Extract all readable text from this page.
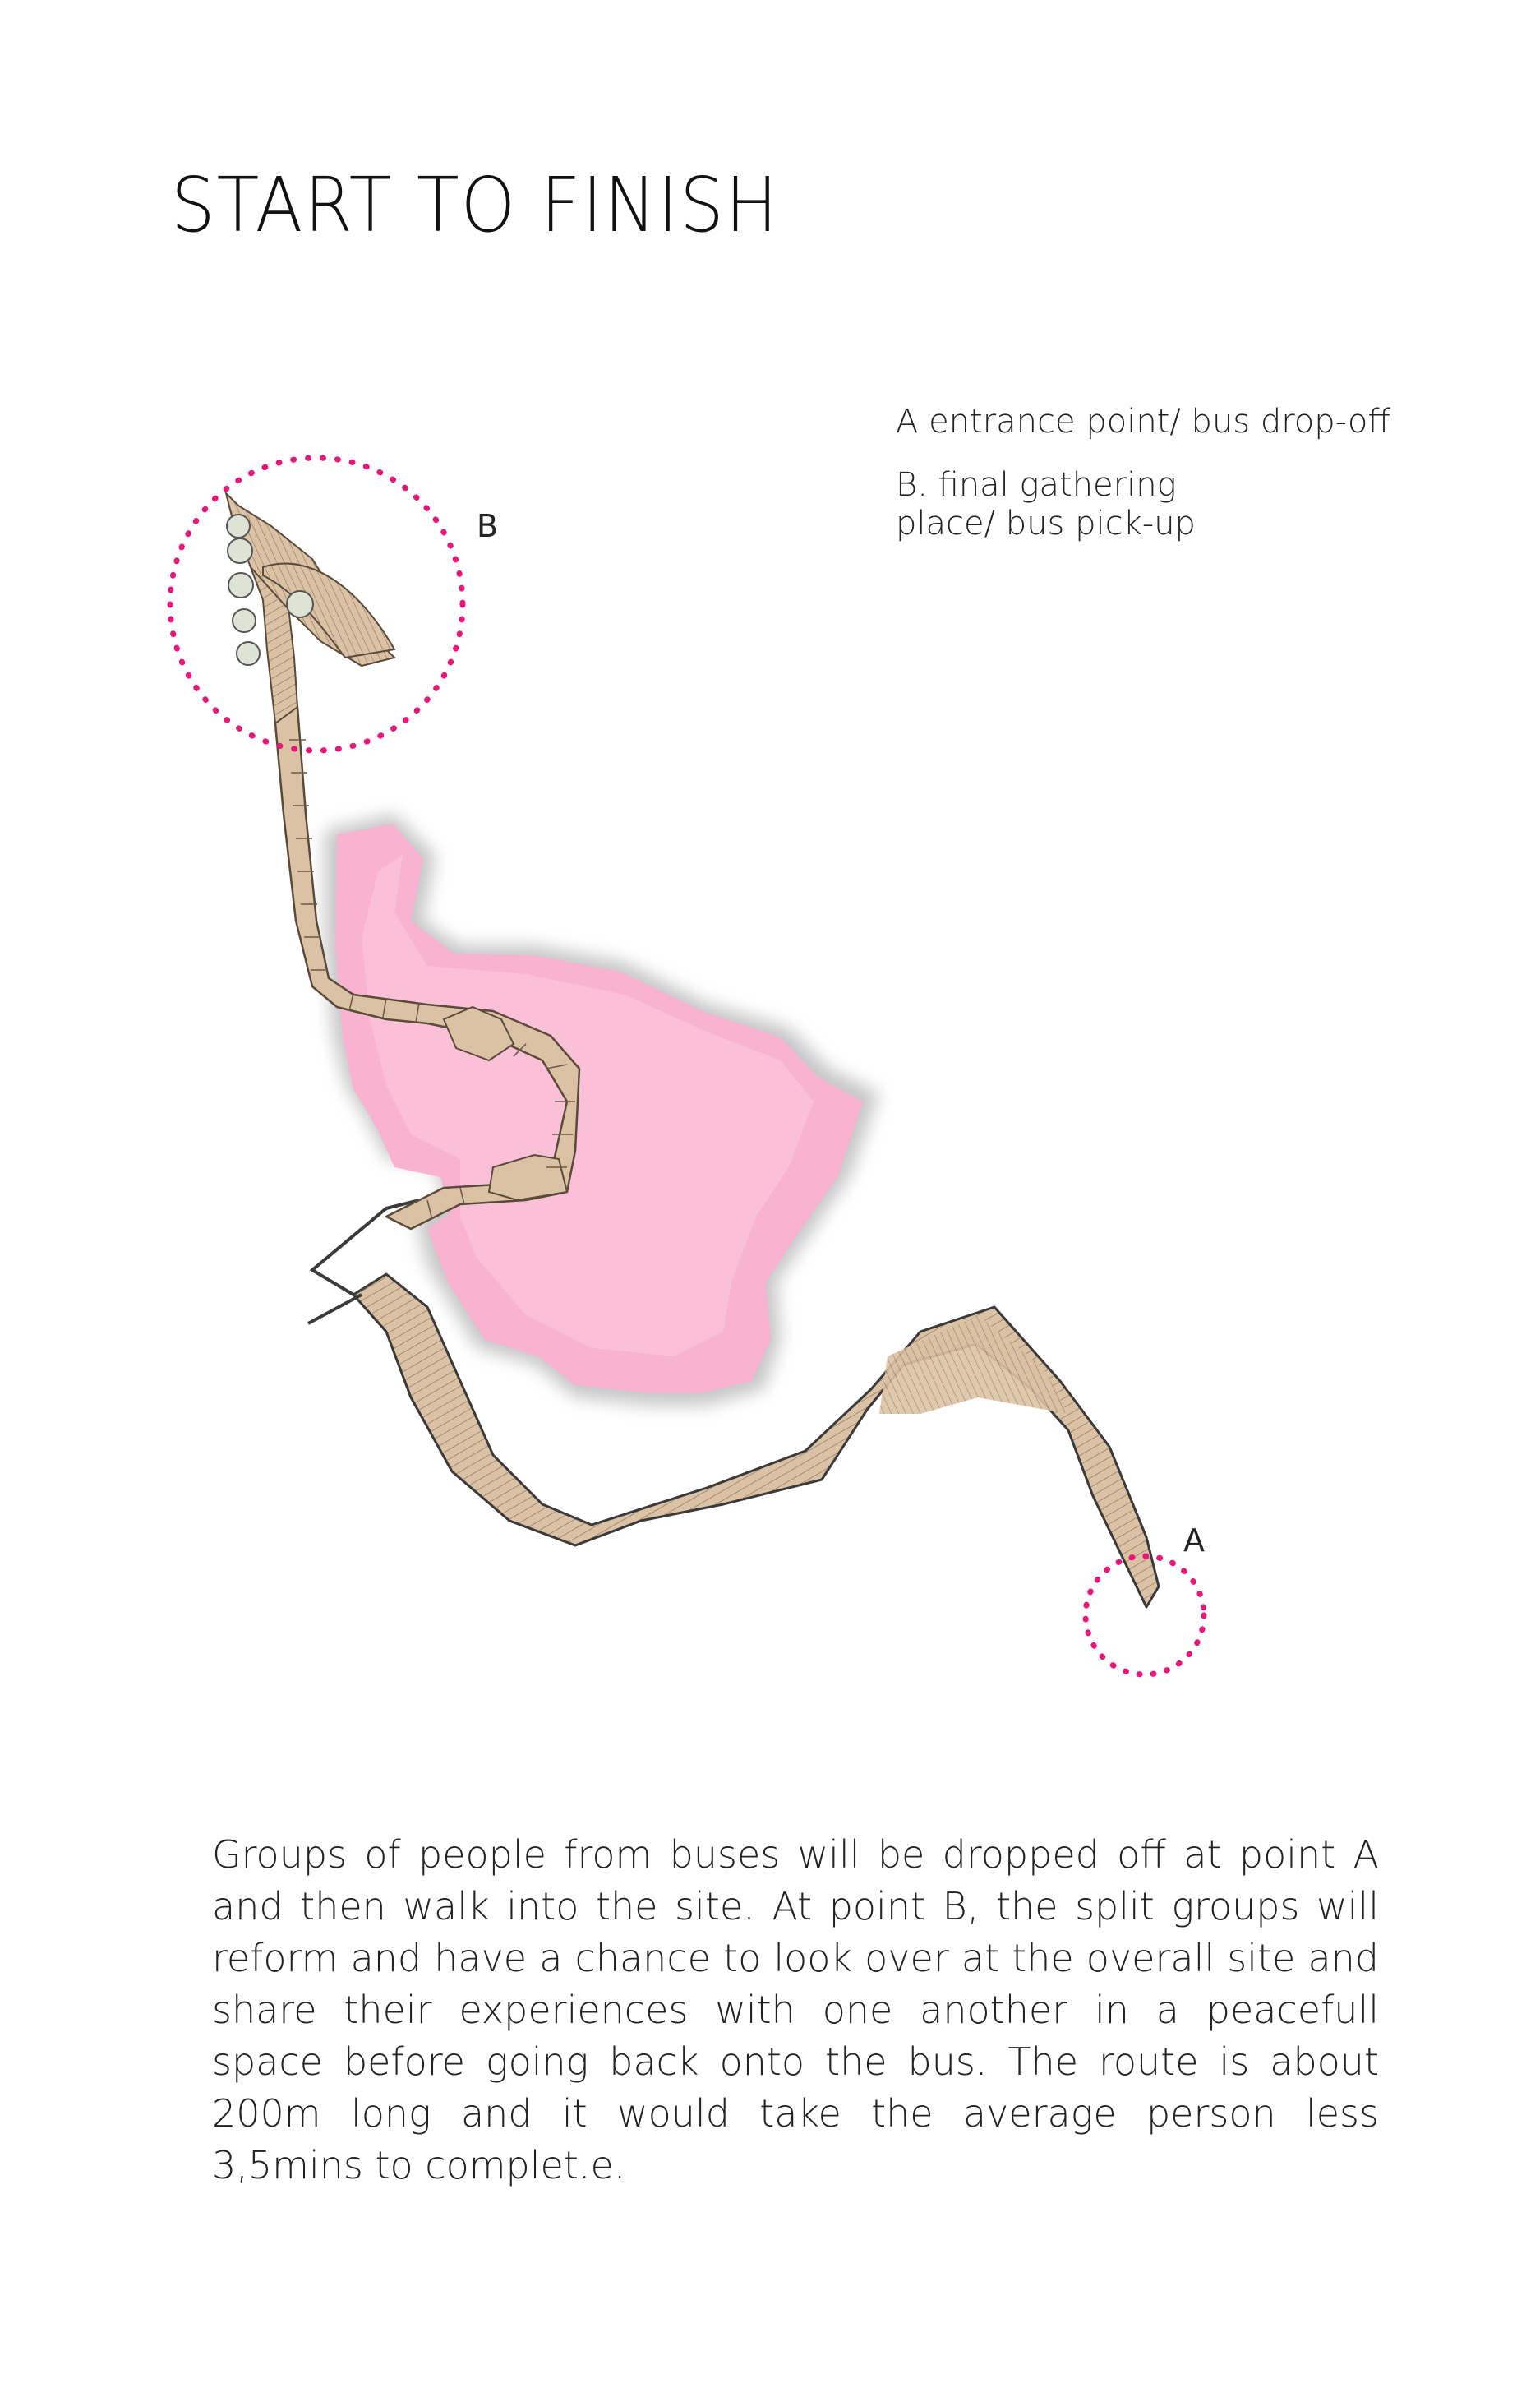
START TO FINISH
A entrance point/ bus drop-off
B. final gathering place/ bus pick-up
B
A
Groups of people from buses will be dropped off at point A and then walk into the site. At point B, the split groups will reform and have a chance to look over at the overall site and share their experiences with one another in a peacefull space before going back onto the bus. The route is about 200m long and it would take the average person less 3,5mins to complet.e.
